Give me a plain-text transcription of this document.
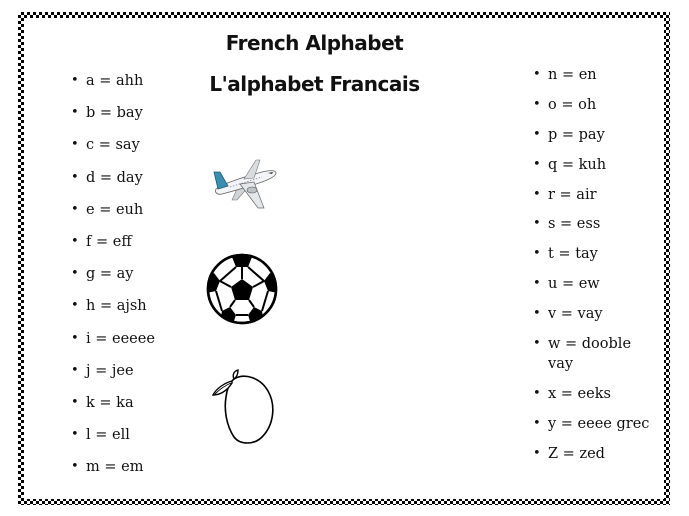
French Alphabet
L'alphabet Francais
• a = ahh
• b = bay
• c = say
• d = day
• e = euh
• f = eff
• g = ay
• h = ajsh
• i = eeeee
• j = jee
• k = ka
• l = ell
• m = em
• n = en
• o = oh
• p = pay
• q = kuh
• r = air
• s = ess
• t = tay
• u = ew
• v = vay
• w = dooble vay
• x = eeks
• y = eeee grec
• Z = zed
